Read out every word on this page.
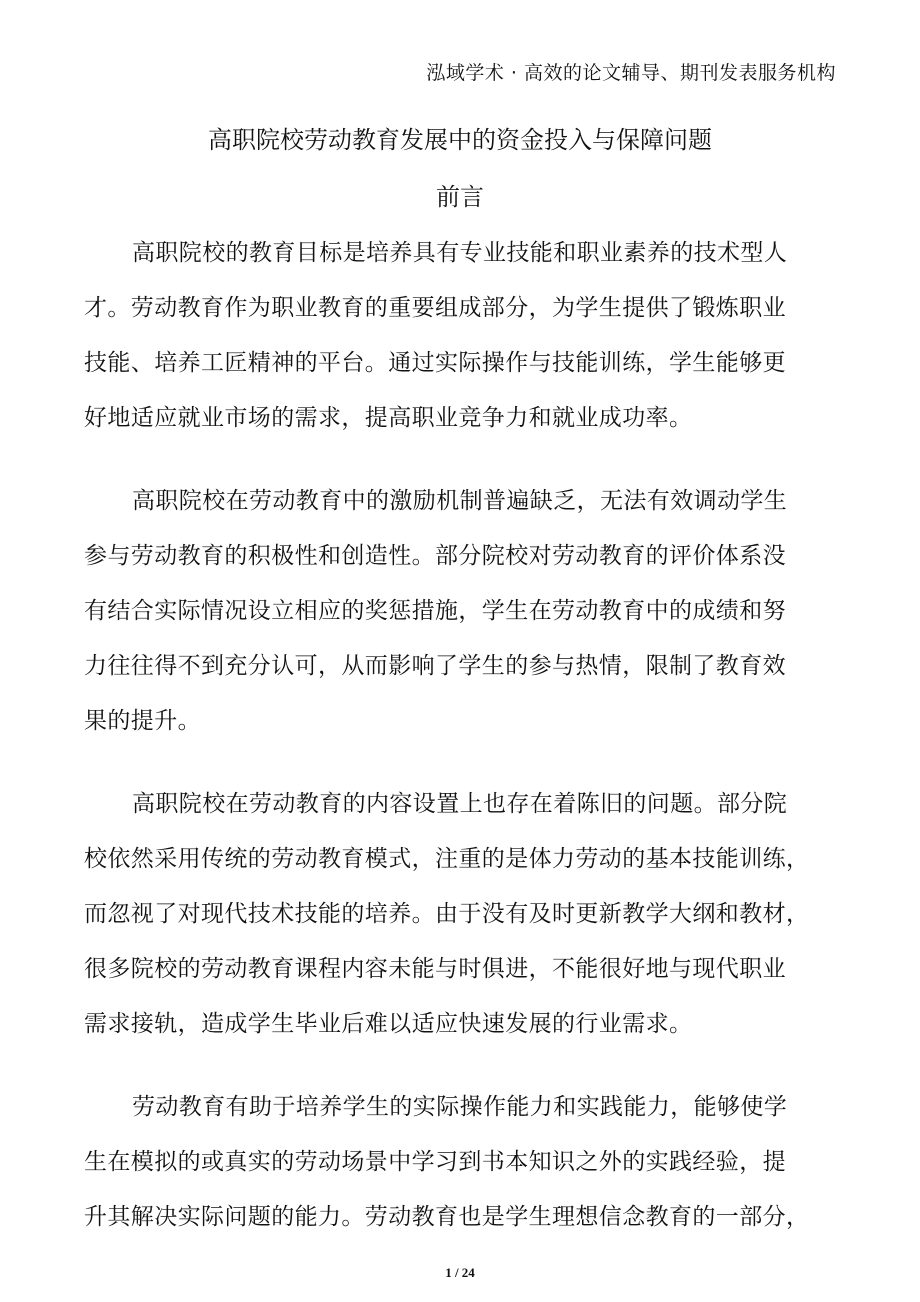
泓域学术 · 高效的论文辅导、期刊发表服务机构
高职院校劳动教育发展中的资金投入与保障问题
前言
高职院校的教育目标是培养具有专业技能和职业素养的技术型人
才。劳动教育作为职业教育的重要组成部分，为学生提供了锻炼职业
技能、培养工匠精神的平台。通过实际操作与技能训练，学生能够更
好地适应就业市场的需求，提高职业竞争力和就业成功率。
高职院校在劳动教育中的激励机制普遍缺乏，无法有效调动学生
参与劳动教育的积极性和创造性。部分院校对劳动教育的评价体系没
有结合实际情况设立相应的奖惩措施，学生在劳动教育中的成绩和努
力往往得不到充分认可，从而影响了学生的参与热情，限制了教育效
果的提升。
高职院校在劳动教育的内容设置上也存在着陈旧的问题。部分院
校依然采用传统的劳动教育模式，注重的是体力劳动的基本技能训练，
而忽视了对现代技术技能的培养。由于没有及时更新教学大纲和教材，
很多院校的劳动教育课程内容未能与时俱进，不能很好地与现代职业
需求接轨，造成学生毕业后难以适应快速发展的行业需求。
劳动教育有助于培养学生的实际操作能力和实践能力，能够使学
生在模拟的或真实的劳动场景中学习到书本知识之外的实践经验，提
升其解决实际问题的能力。劳动教育也是学生理想信念教育的一部分，
1 / 24
